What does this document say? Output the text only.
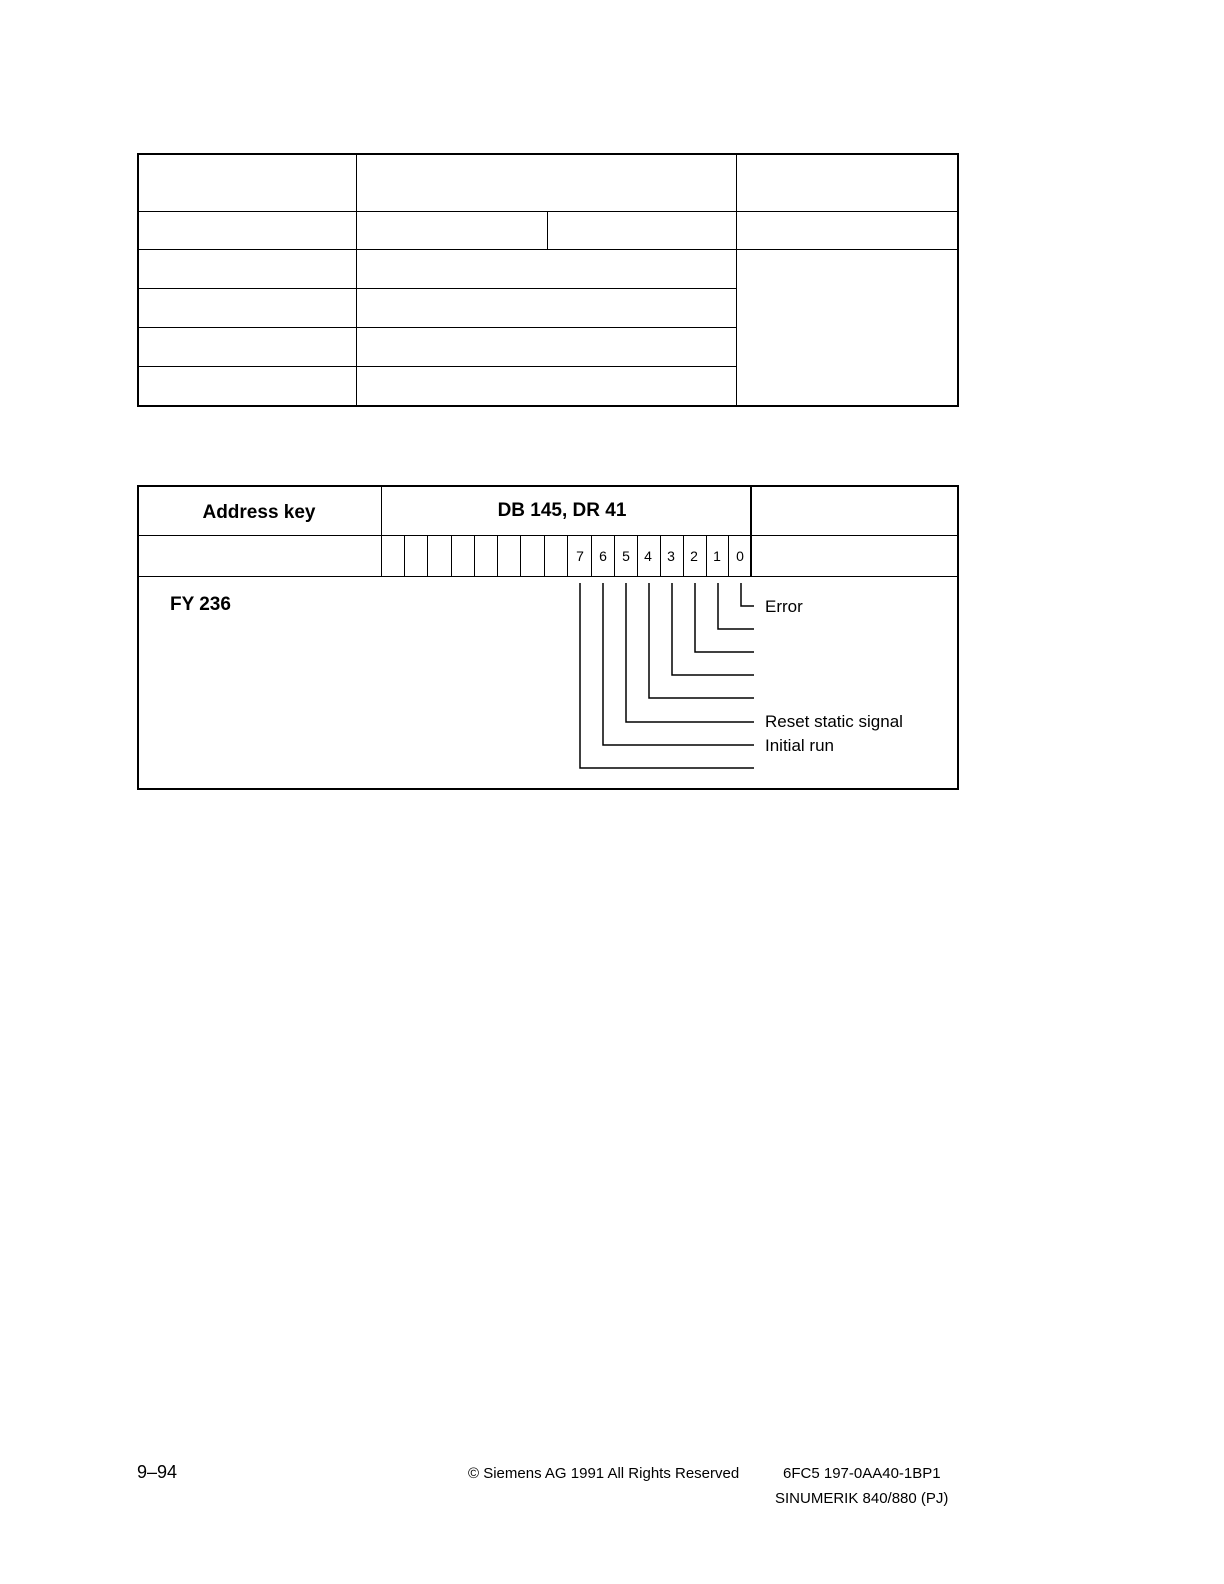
Address key	DB 145, DR 41
7	6	5	4	3	2	1	0
FY 236	Error
Reset static signal
Initial run
9–94	© Siemens AG 1991 All Rights Reserved	6FC5 197-0AA40-1BP1
SINUMERIK 840/880 (PJ)
